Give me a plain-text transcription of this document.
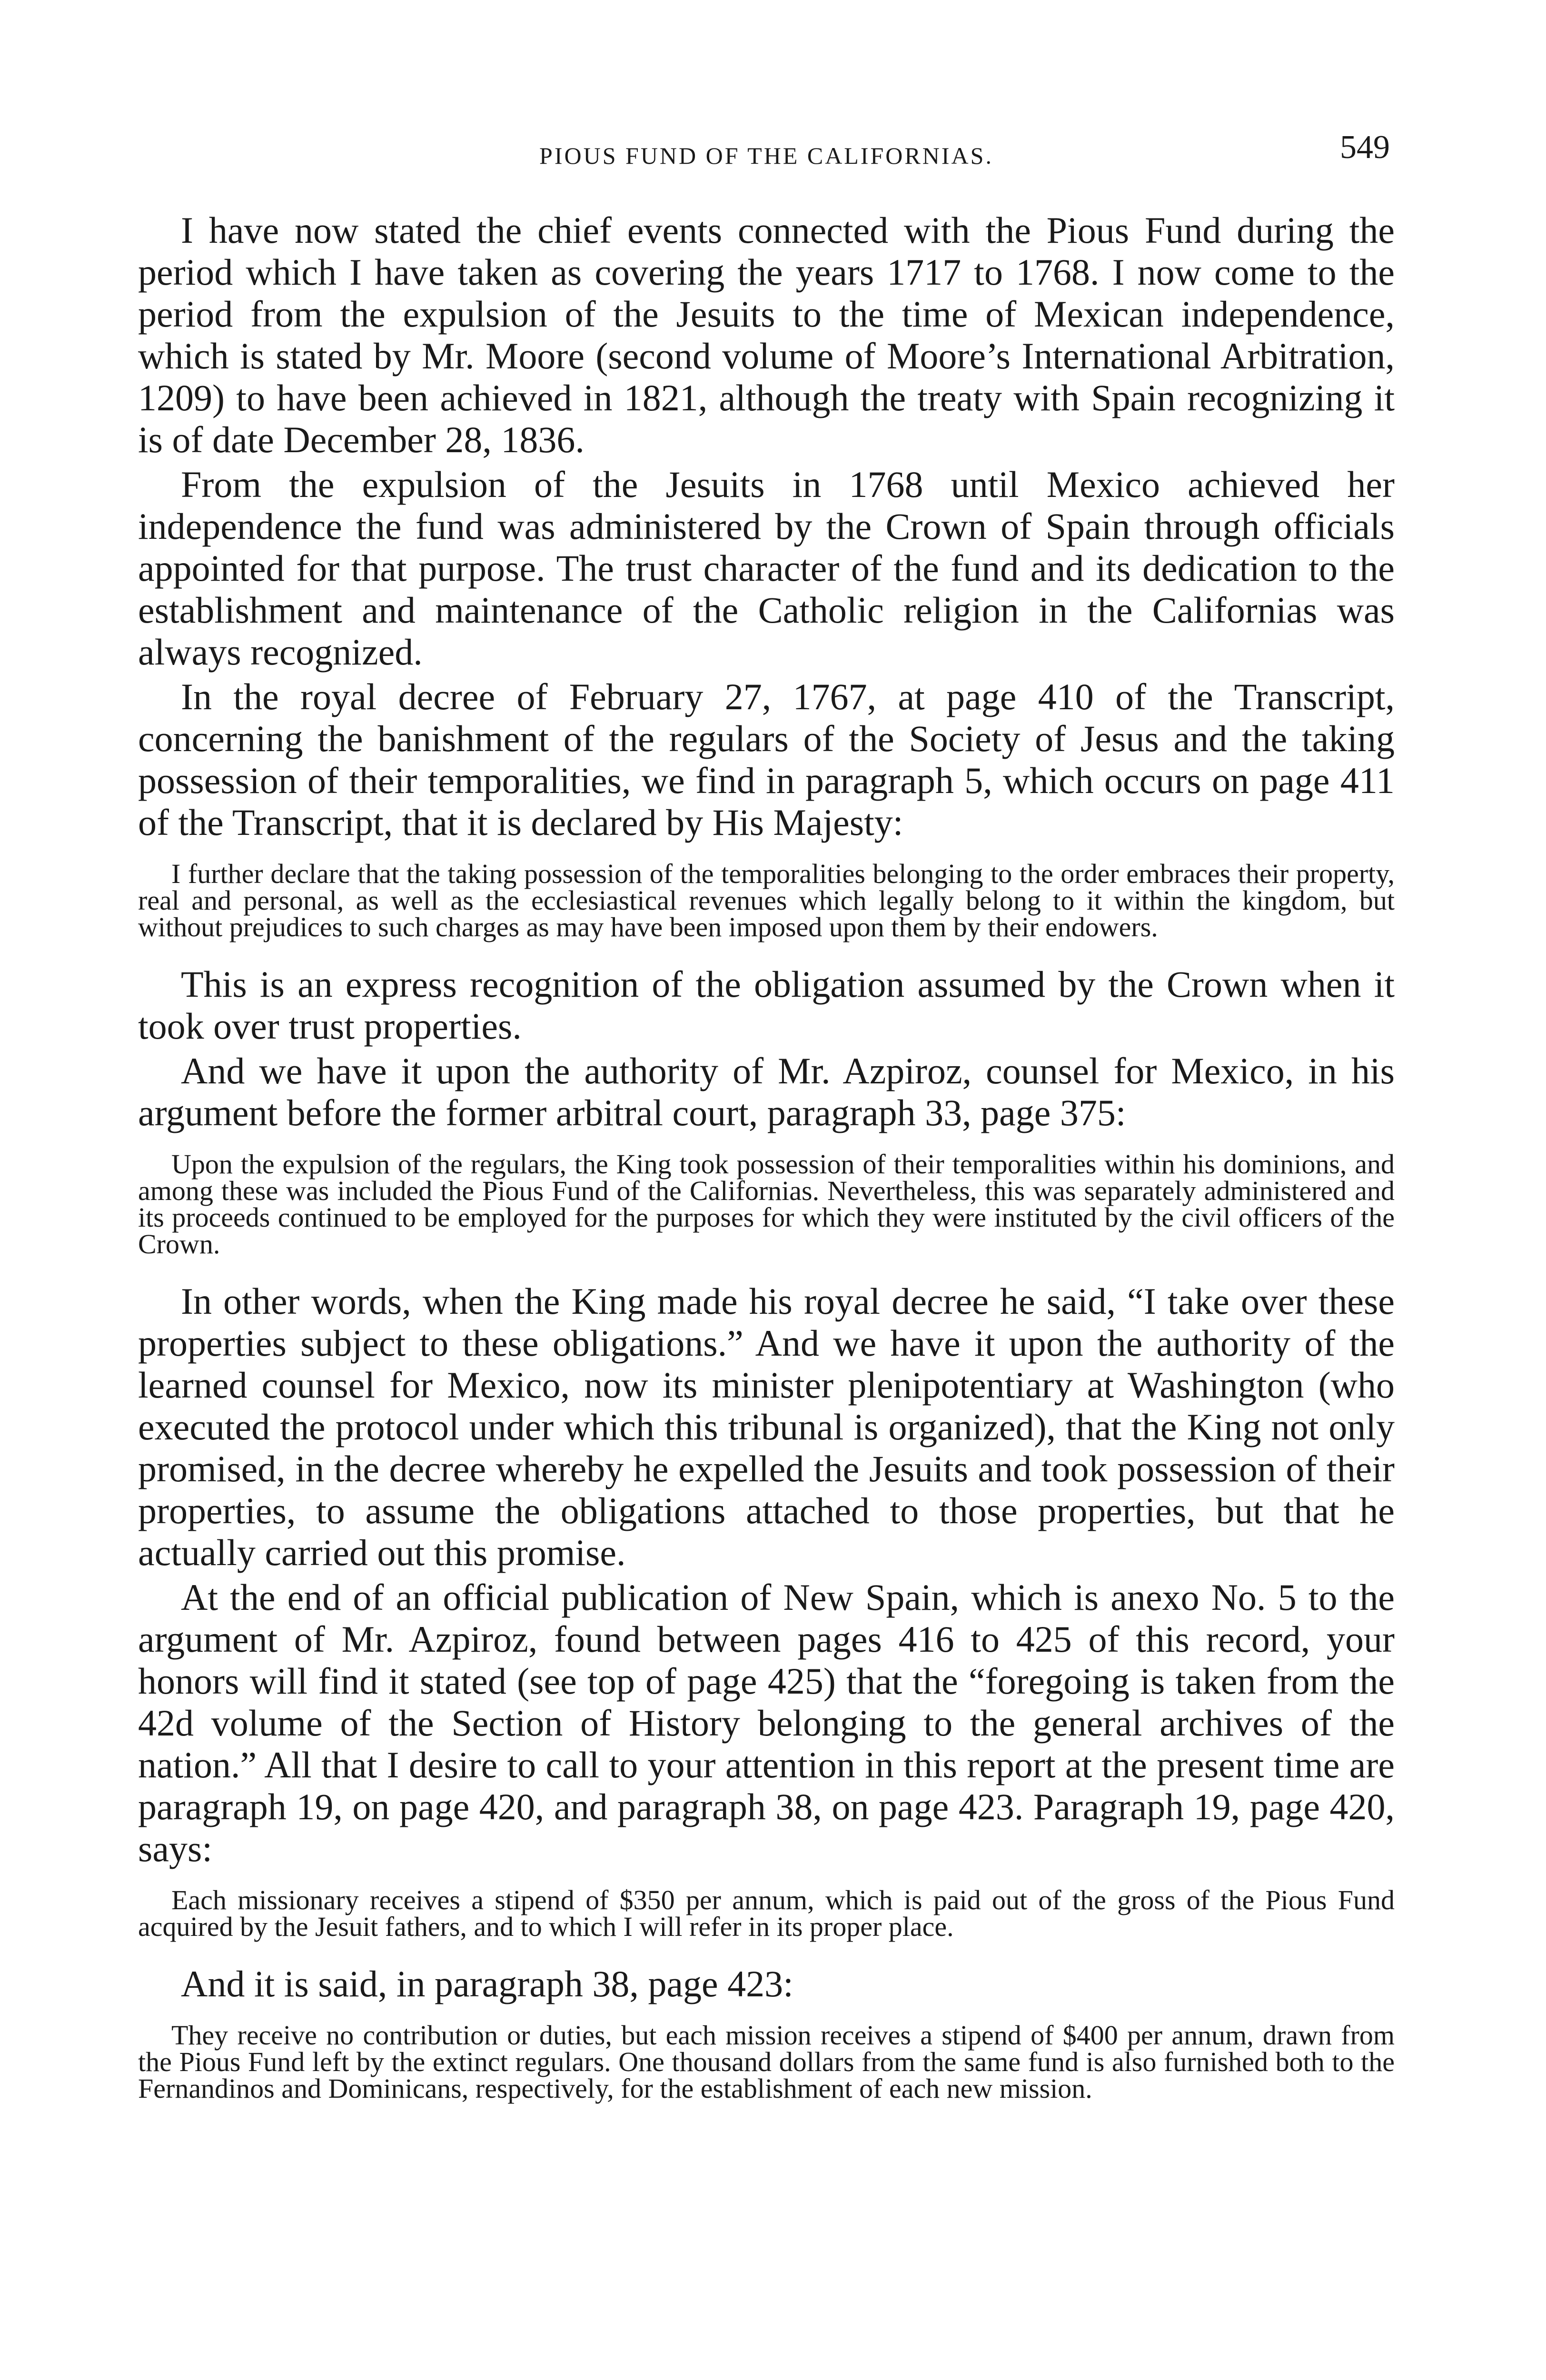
PIOUS FUND OF THE CALIFORNIAS.	549

I have now stated the chief events connected with the Pious Fund during the period which I have taken as covering the years 1717 to 1768. I now come to the period from the expulsion of the Jesuits to the time of Mexican independence, which is stated by Mr. Moore (second volume of Moore’s International Arbitration, 1209) to have been achieved in 1821, although the treaty with Spain recognizing it is of date December 28, 1836.

From the expulsion of the Jesuits in 1768 until Mexico achieved her independence the fund was administered by the Crown of Spain through officials appointed for that purpose. The trust character of the fund and its dedication to the establishment and maintenance of the Catholic religion in the Californias was always recognized.

In the royal decree of February 27, 1767, at page 410 of the Transcript, concerning the banishment of the regulars of the Society of Jesus and the taking possession of their temporalities, we find in paragraph 5, which occurs on page 411 of the Transcript, that it is declared by His Majesty:

I further declare that the taking possession of the temporalities belonging to the order embraces their property, real and personal, as well as the ecclesiastical revenues which legally belong to it within the kingdom, but without prejudices to such charges as may have been imposed upon them by their endowers.

This is an express recognition of the obligation assumed by the Crown when it took over trust properties.

And we have it upon the authority of Mr. Azpiroz, counsel for Mexico, in his argument before the former arbitral court, paragraph 33, page 375:

Upon the expulsion of the regulars, the King took possession of their temporalities within his dominions, and among these was included the Pious Fund of the Californias. Nevertheless, this was separately administered and its proceeds continued to be employed for the purposes for which they were instituted by the civil officers of the Crown.

In other words, when the King made his royal decree he said, “I take over these properties subject to these obligations.” And we have it upon the authority of the learned counsel for Mexico, now its minister plenipotentiary at Washington (who executed the protocol under which this tribunal is organized), that the King not only promised, in the decree whereby he expelled the Jesuits and took possession of their properties, to assume the obligations attached to those properties, but that he actually carried out this promise.

At the end of an official publication of New Spain, which is anexo No. 5 to the argument of Mr. Azpiroz, found between pages 416 to 425 of this record, your honors will find it stated (see top of page 425) that the “foregoing is taken from the 42d volume of the Section of History belonging to the general archives of the nation.” All that I desire to call to your attention in this report at the present time are paragraph 19, on page 420, and paragraph 38, on page 423. Paragraph 19, page 420, says:

Each missionary receives a stipend of $350 per annum, which is paid out of the gross of the Pious Fund acquired by the Jesuit fathers, and to which I will refer in its proper place.

And it is said, in paragraph 38, page 423:

They receive no contribution or duties, but each mission receives a stipend of $400 per annum, drawn from the Pious Fund left by the extinct regulars. One thousand dollars from the same fund is also furnished both to the Fernandinos and Dominicans, respectively, for the establishment of each new mission.
